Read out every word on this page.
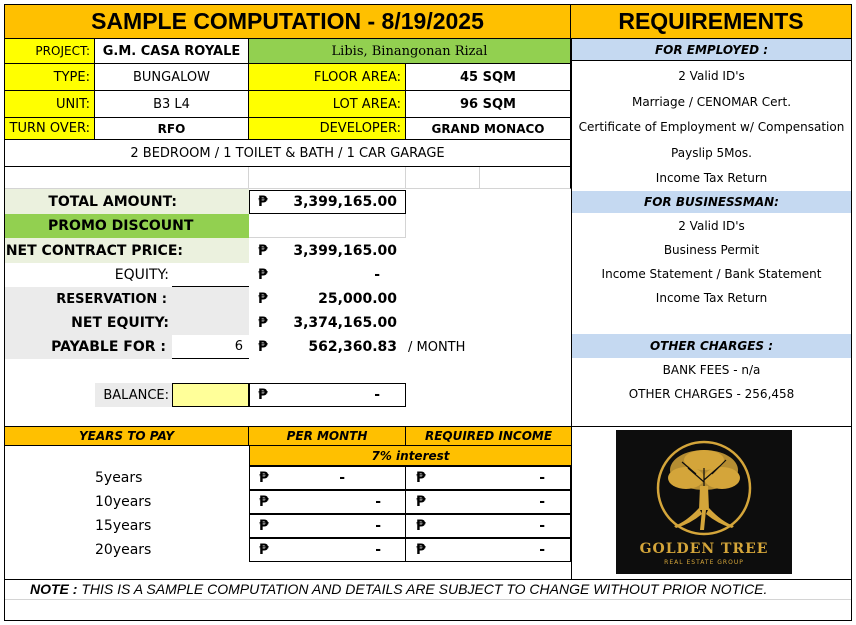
SAMPLE COMPUTATION - 8/19/2025	REQUIREMENTS
PROJECT: G.M. CASA ROYALE	Libis, Binangonan Rizal
TYPE:	BUNGALOW	FLOOR AREA:	45 SQM
UNIT:	B3 L4	LOT AREA:	96 SQM
TURN OVER:	RFO	DEVELOPER:	GRAND MONACO
2 BEDROOM / 1 TOILET & BATH / 1 CAR GARAGE
TOTAL AMOUNT:	₱	3,399,165.00
PROMO DISCOUNT
NET CONTRACT PRICE:	₱	3,399,165.00
EQUITY:	₱	-
RESERVATION :	₱	25,000.00
NET EQUITY:	₱	3,374,165.00
PAYABLE FOR :	6	₱	562,360.83 / MONTH
BALANCE:	₱	-
YEARS TO PAY	PER MONTH	REQUIRED INCOME
7% interest
5years	₱	-	₱	-
10years	₱	-	₱	-
15years	₱	-	₱	-
20years	₱	-	₱	-
FOR EMPLOYED :
2 Valid ID's
Marriage / CENOMAR Cert.
Certificate of Employment w/ Compensation
Payslip 5Mos.
Income Tax Return
FOR BUSINESSMAN:
2 Valid ID's
Business Permit
Income Statement / Bank Statement
Income Tax Return
OTHER CHARGES :
BANK FEES - n/a
OTHER CHARGES - 256,458
GOLDEN TREE
REAL ESTATE GROUP
NOTE : THIS IS A SAMPLE COMPUTATION AND DETAILS ARE SUBJECT TO CHANGE WITHOUT PRIOR NOTICE.
